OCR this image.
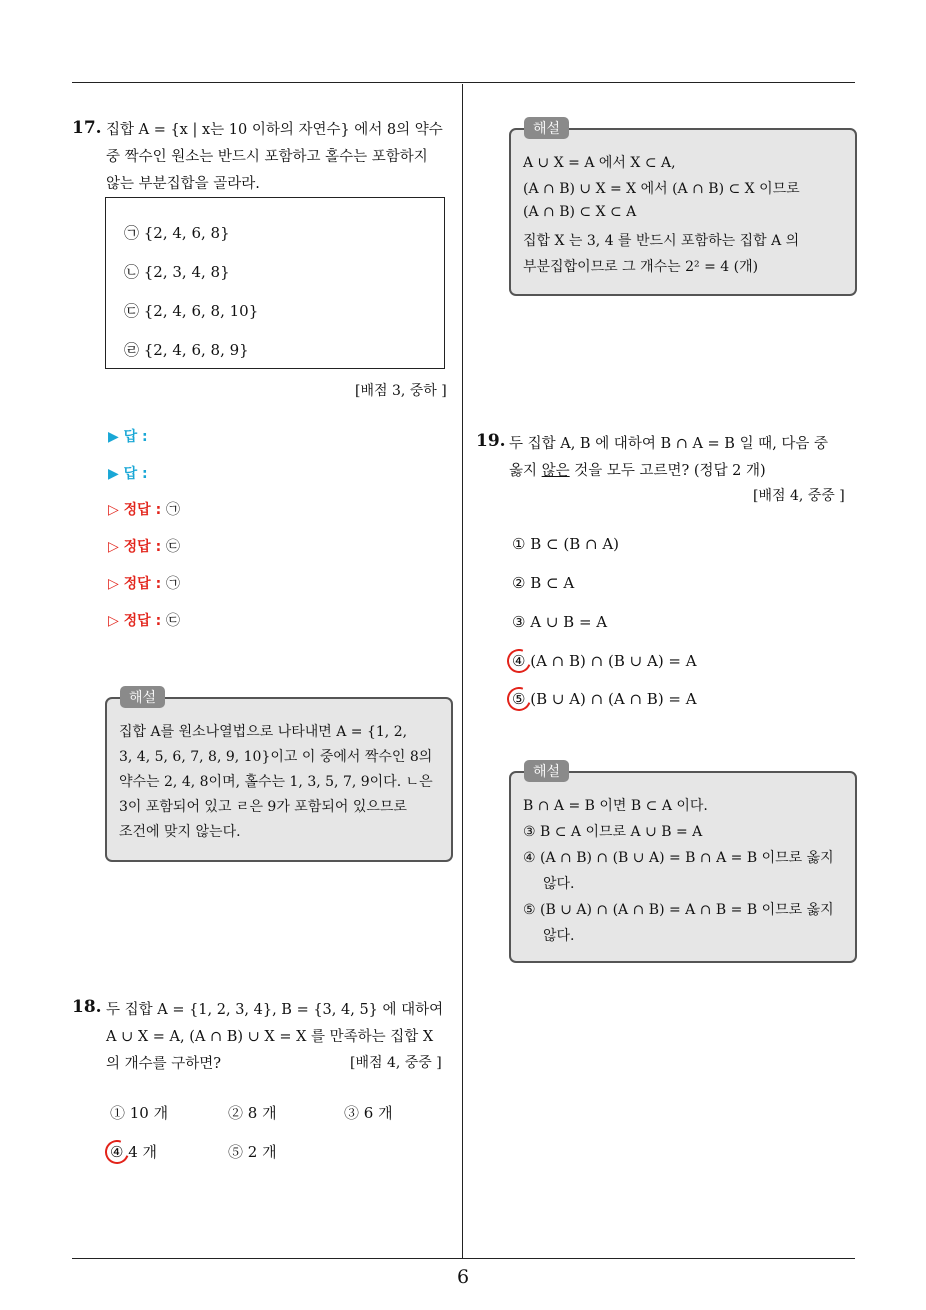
6
17. 집합 A = {x | x는 10 이하의 자연수} 에서 8의 약수
중 짝수인 원소는 반드시 포함하고 홀수는 포함하지
않는 부분집합을 골라라.
㉠ {2, 4, 6, 8}
㉡ {2, 3, 4, 8}
㉢ {2, 4, 6, 8, 10}
㉣ {2, 4, 6, 8, 9}
[배점 3, 중하 ]
▶ 답 :
▶ 답 :
▷ 정답 : ㉠
▷ 정답 : ㉢
▷ 정답 : ㉠
▷ 정답 : ㉢
해설
집합 A를 원소나열법으로 나타내면 A = {1, 2,
3, 4, 5, 6, 7, 8, 9, 10}이고 이 중에서 짝수인 8의
약수는 2, 4, 8이며, 홀수는 1, 3, 5, 7, 9이다. ㄴ은
3이 포함되어 있고 ㄹ은 9가 포함되어 있으므로
조건에 맞지 않는다.
18. 두 집합 A = {1, 2, 3, 4}, B = {3, 4, 5} 에 대하여
A ∪ X = A, (A ∩ B) ∪ X = X 를 만족하는 집합 X
의 개수를 구하면?	[배점 4, 중중 ]
① 10 개	② 8 개	③ 6 개
④ 4 개	⑤ 2 개
해설
A ∪ X = A 에서 X ⊂ A,
(A ∩ B) ∪ X = X 에서 (A ∩ B) ⊂ X 이므로
(A ∩ B) ⊂ X ⊂ A
집합 X 는 3, 4 를 반드시 포함하는 집합 A 의
부분집합이므로 그 개수는 2² = 4 (개)
19. 두 집합 A, B 에 대하여 B ∩ A = B 일 때, 다음 중
옳지 않은 것을 모두 고르면? (정답 2 개)
[배점 4, 중중 ]
① B ⊂ (B ∩ A)
② B ⊂ A
③ A ∪ B = A
④ (A ∩ B) ∩ (B ∪ A) = A
⑤ (B ∪ A) ∩ (A ∩ B) = A
해설
B ∩ A = B 이면 B ⊂ A 이다.
③ B ⊂ A 이므로 A ∪ B = A
④ (A ∩ B) ∩ (B ∪ A) = B ∩ A = B 이므로 옳지
않다.
⑤ (B ∪ A) ∩ (A ∩ B) = A ∩ B = B 이므로 옳지
않다.
